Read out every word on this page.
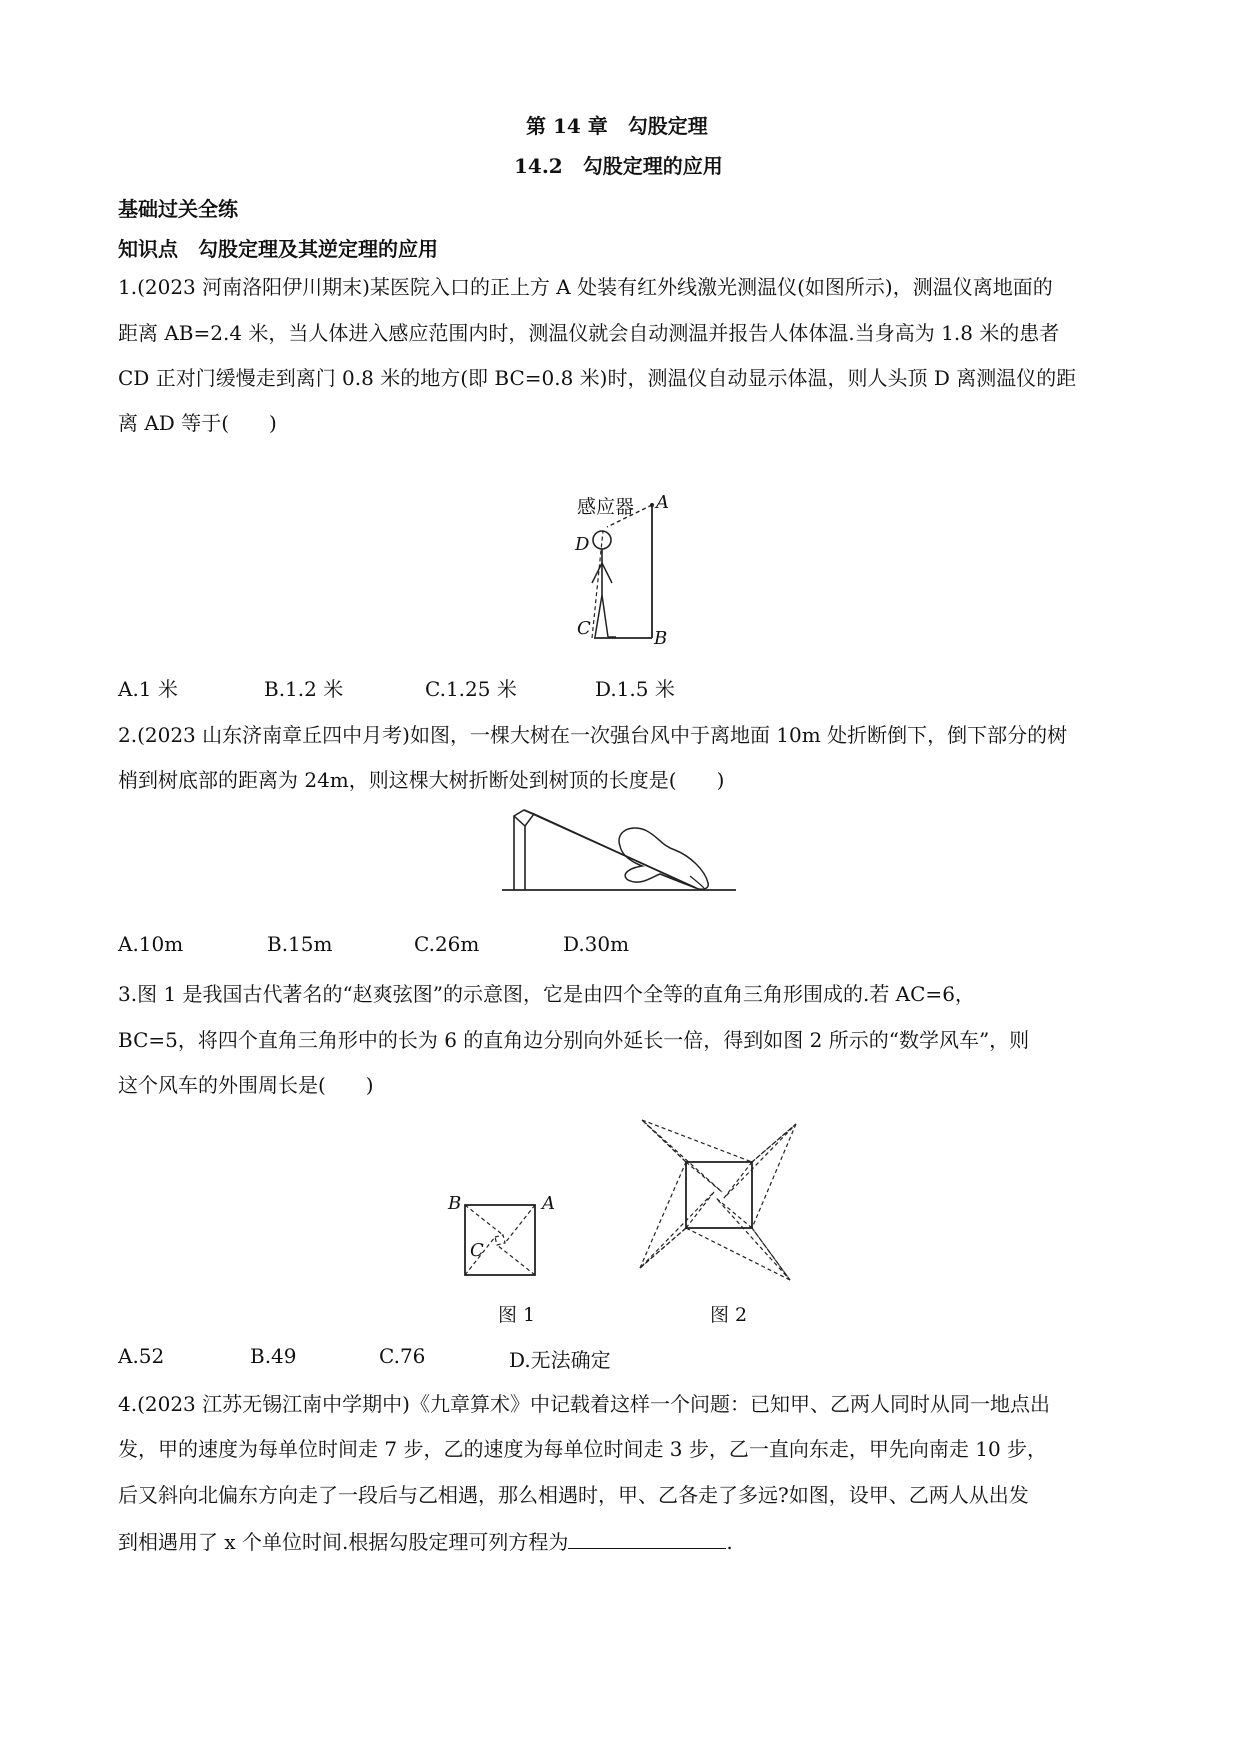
第 14 章　勾股定理
14.2　勾股定理的应用
基础过关全练
知识点　勾股定理及其逆定理的应用
1.(2023 河南洛阳伊川期末)某医院入口的正上方 A 处装有红外线激光测温仪(如图所示)，测温仪离地面的
距离 AB=2.4 米，当人体进入感应范围内时，测温仪就会自动测温并报告人体体温.当身高为 1.8 米的患者
CD 正对门缓慢走到离门 0.8 米的地方(即 BC=0.8 米)时，测温仪自动显示体温，则人头顶 D 离测温仪的距
离 AD 等于(　　)
感应器 A
D
C	B
A.1 米	B.1.2 米	C.1.25 米	D.1.5 米
2.(2023 山东济南章丘四中月考)如图，一棵大树在一次强台风中于离地面 10m 处折断倒下，倒下部分的树
梢到树底部的距离为 24m，则这棵大树折断处到树顶的长度是(　　)
A.10m	B.15m	C.26m	D.30m
3.图 1 是我国古代著名的“赵爽弦图”的示意图，它是由四个全等的直角三角形围成的.若 AC=6，
BC=5，将四个直角三角形中的长为 6 的直角边分别向外延长一倍，得到如图 2 所示的“数学风车”，则
这个风车的外围周长是(　　)
B	A
C
图 1	图 2
A.52	B.49	C.76	D.无法确定
4.(2023 江苏无锡江南中学期中)《九章算术》中记载着这样一个问题：已知甲、乙两人同时从同一地点出
发，甲的速度为每单位时间走 7 步，乙的速度为每单位时间走 3 步，乙一直向东走，甲先向南走 10 步，
后又斜向北偏东方向走了一段后与乙相遇，那么相遇时，甲、乙各走了多远?如图，设甲、乙两人从出发
到相遇用了 x 个单位时间.根据勾股定理可列方程为	.
